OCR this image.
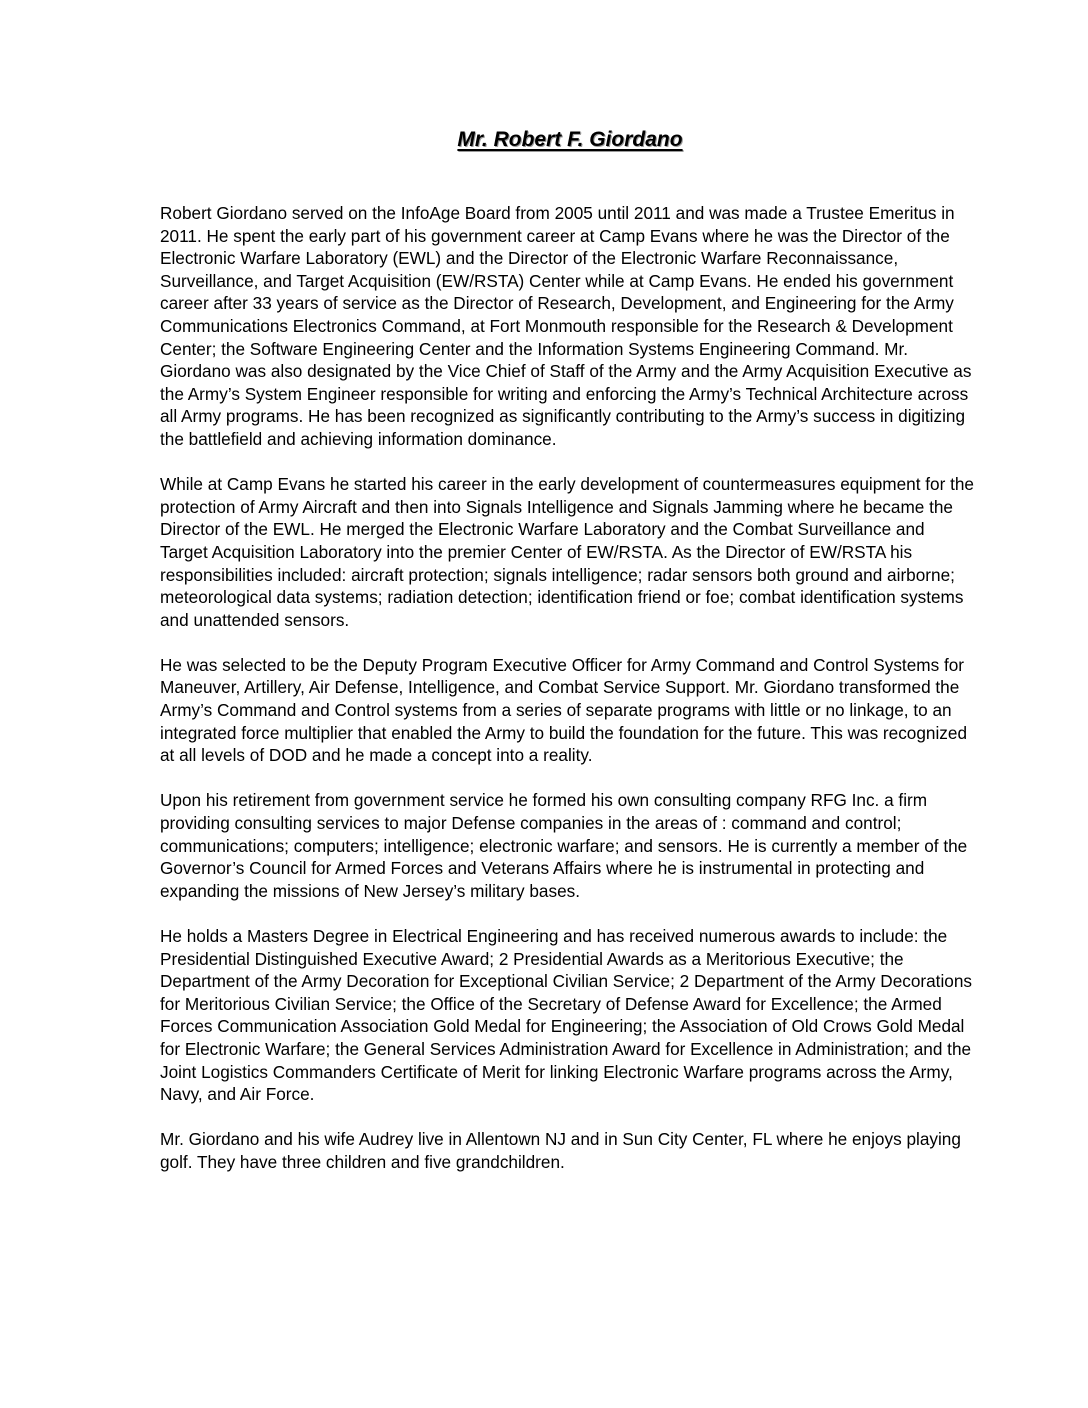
Mr. Robert F. Giordano

Robert Giordano served on the InfoAge Board from 2005 until 2011 and was made a Trustee Emeritus in 2011. He spent the early part of his government career at Camp Evans where he was the Director of the Electronic Warfare Laboratory (EWL) and the Director of the Electronic Warfare Reconnaissance, Surveillance, and Target Acquisition (EW/RSTA) Center while at Camp Evans. He ended his government career after 33 years of service as the Director of Research, Development, and Engineering for the Army Communications Electronics Command, at Fort Monmouth responsible for the Research & Development Center; the Software Engineering Center and the Information Systems Engineering Command. Mr. Giordano was also designated by the Vice Chief of Staff of the Army and the Army Acquisition Executive as the Army’s System Engineer responsible for writing and enforcing the Army’s Technical Architecture across all Army programs. He has been recognized as significantly contributing to the Army’s success in digitizing the battlefield and achieving information dominance.

While at Camp Evans he started his career in the early development of countermeasures equipment for the protection of Army Aircraft and then into Signals Intelligence and Signals Jamming where he became the Director of the EWL. He merged the Electronic Warfare Laboratory and the Combat Surveillance and Target Acquisition Laboratory into the premier Center of EW/RSTA. As the Director of EW/RSTA his responsibilities included: aircraft protection; signals intelligence; radar sensors both ground and airborne; meteorological data systems; radiation detection; identification friend or foe; combat identification systems and unattended sensors.

He was selected to be the Deputy Program Executive Officer for Army Command and Control Systems for Maneuver, Artillery, Air Defense, Intelligence, and Combat Service Support. Mr. Giordano transformed the Army’s Command and Control systems from a series of separate programs with little or no linkage, to an integrated force multiplier that enabled the Army to build the foundation for the future. This was recognized at all levels of DOD and he made a concept into a reality.

Upon his retirement from government service he formed his own consulting company RFG Inc. a firm providing consulting services to major Defense companies in the areas of : command and control; communications; computers; intelligence; electronic warfare; and sensors. He is currently a member of the Governor’s Council for Armed Forces and Veterans Affairs where he is instrumental in protecting and expanding the missions of New Jersey’s military bases.

He holds a Masters Degree in Electrical Engineering and has received numerous awards to include: the Presidential Distinguished Executive Award; 2 Presidential Awards as a Meritorious Executive; the Department of the Army Decoration for Exceptional Civilian Service; 2 Department of the Army Decorations for Meritorious Civilian Service; the Office of the Secretary of Defense Award for Excellence; the Armed Forces Communication Association Gold Medal for Engineering; the Association of Old Crows Gold Medal for Electronic Warfare; the General Services Administration Award for Excellence in Administration; and the Joint Logistics Commanders Certificate of Merit for linking Electronic Warfare programs across the Army, Navy, and Air Force.

Mr. Giordano and his wife Audrey live in Allentown NJ and in Sun City Center, FL where he enjoys playing golf. They have three children and five grandchildren.
